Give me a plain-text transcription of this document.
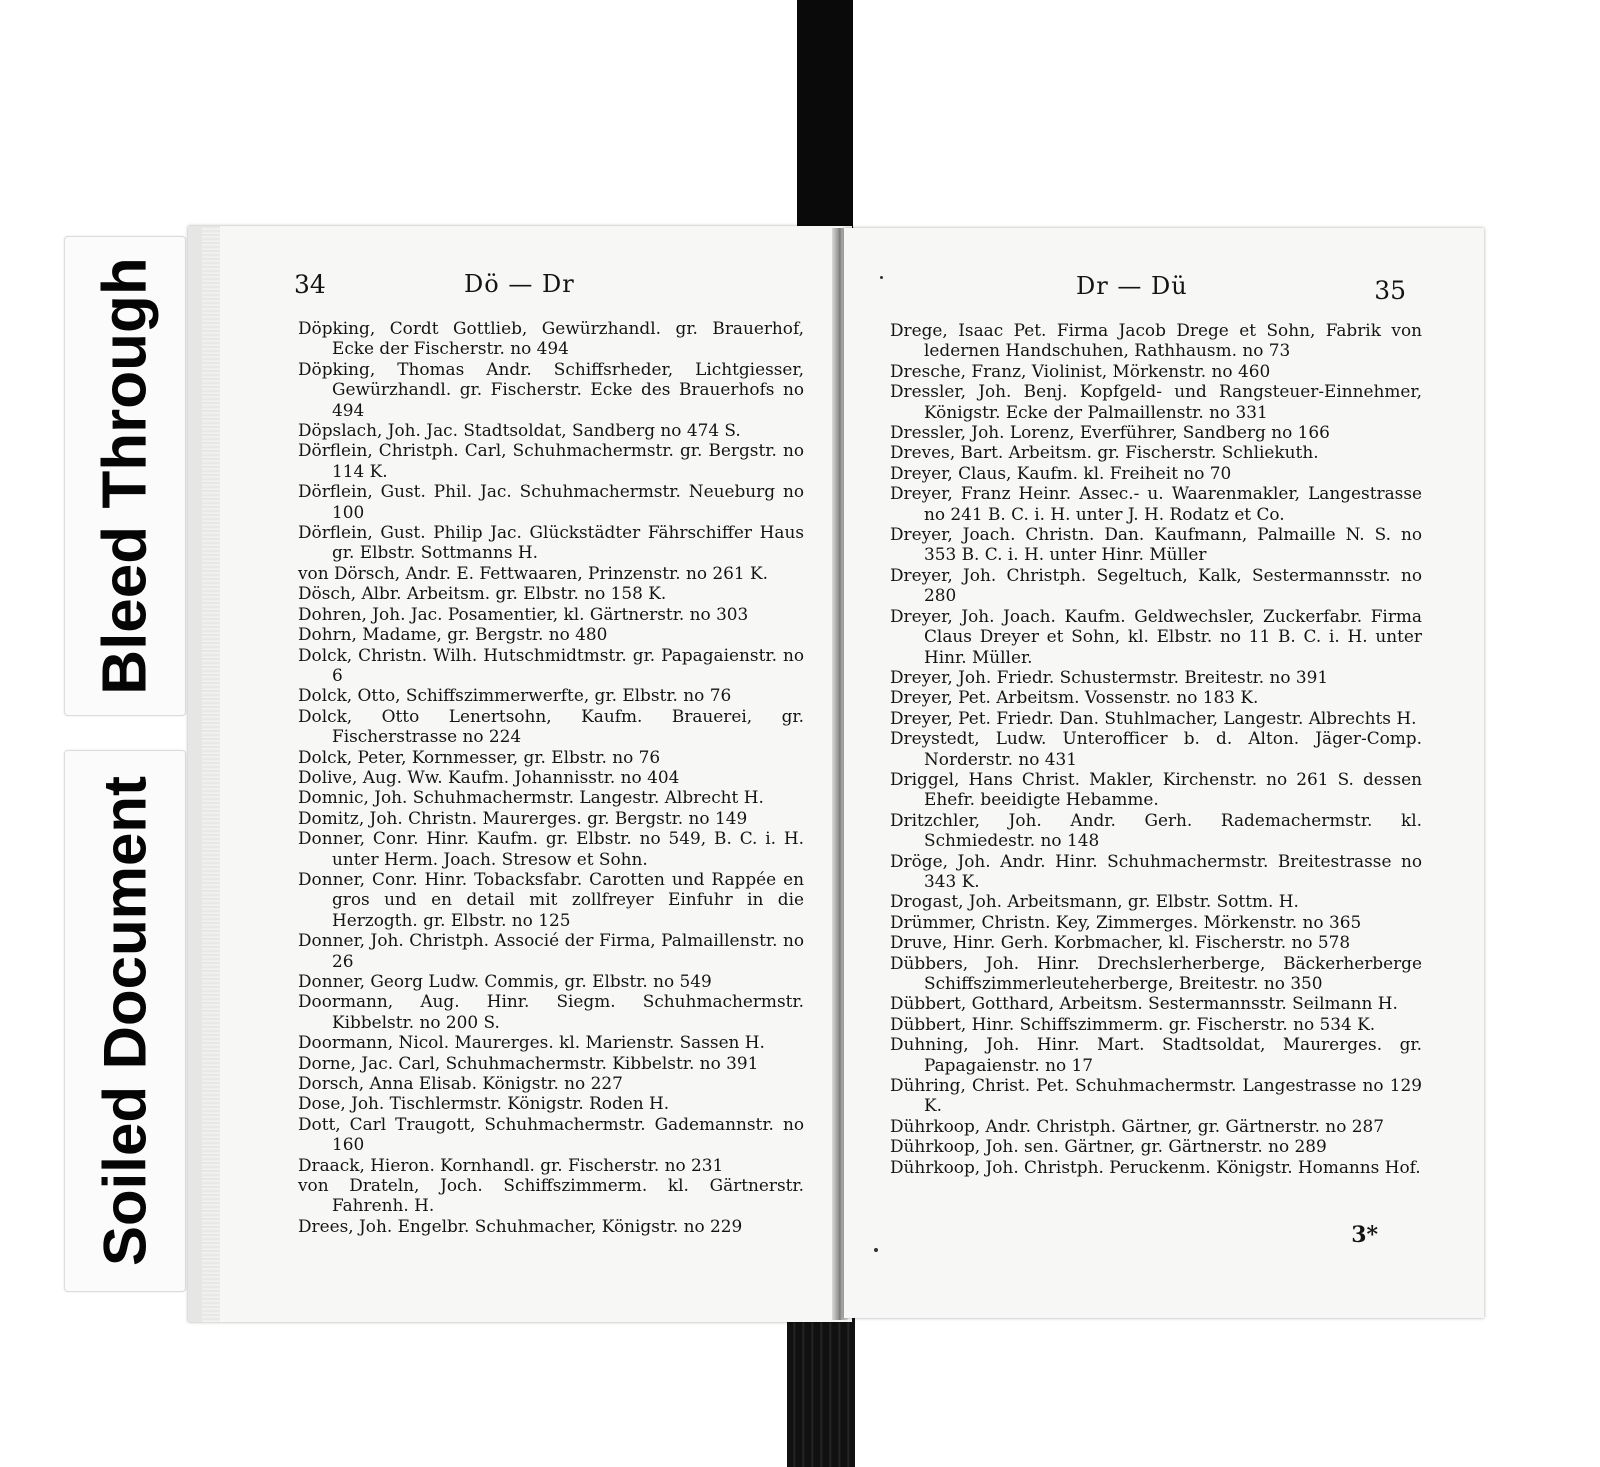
Bleed Through
Soiled Document
34	Dö — Dr

Döpking, Cordt Gottlieb, Gewürzhandl. gr. Brauerhof, Ecke der Fischerstr. no 494

Döpking, Thomas Andr. Schiffsrheder, Lichtgiesser, Gewürzhandl. gr. Fischerstr. Ecke des Brauerhofs no 494

Döpslach, Joh. Jac. Stadtsoldat, Sandberg no 474 S.

Dörflein, Christph. Carl, Schuhmachermstr. gr. Bergstr. no 114 K.

Dörflein, Gust. Phil. Jac. Schuhmachermstr. Neueburg no 100

Dörflein, Gust. Philip Jac. Glückstädter Fährschiffer Haus gr. Elbstr. Sottmanns H.

von Dörsch, Andr. E. Fettwaaren, Prinzenstr. no 261 K.

Dösch, Albr. Arbeitsm. gr. Elbstr. no 158 K.

Dohren, Joh. Jac. Posamentier, kl. Gärtnerstr. no 303

Dohrn, Madame, gr. Bergstr. no 480

Dolck, Christn. Wilh. Hutschmidtmstr. gr. Papagaienstr. no 6

Dolck, Otto, Schiffszimmerwerfte, gr. Elbstr. no 76

Dolck, Otto Lenertsohn, Kaufm. Brauerei, gr. Fischerstrasse no 224

Dolck, Peter, Kornmesser, gr. Elbstr. no 76

Dolive, Aug. Ww. Kaufm. Johannisstr. no 404

Domnic, Joh. Schuhmachermstr. Langestr. Albrecht H.

Domitz, Joh. Christn. Maurerges. gr. Bergstr. no 149

Donner, Conr. Hinr. Kaufm. gr. Elbstr. no 549, B. C. i. H. unter Herm. Joach. Stresow et Sohn.

Donner, Conr. Hinr. Tobacksfabr. Carotten und Rappée en gros und en detail mit zollfreyer Einfuhr in die Herzogth. gr. Elbstr. no 125

Donner, Joh. Christph. Associé der Firma, Palmaillenstr. no 26

Donner, Georg Ludw. Commis, gr. Elbstr. no 549

Doormann, Aug. Hinr. Siegm. Schuhmachermstr. Kibbelstr. no 200 S.

Doormann, Nicol. Maurerges. kl. Marienstr. Sassen H.

Dorne, Jac. Carl, Schuhmachermstr. Kibbelstr. no 391

Dorsch, Anna Elisab. Königstr. no 227

Dose, Joh. Tischlermstr. Königstr. Roden H.

Dott, Carl Traugott, Schuhmachermstr. Gademannstr. no 160

Draack, Hieron. Kornhandl. gr. Fischerstr. no 231

von Drateln, Joch. Schiffszimmerm. kl. Gärtnerstr. Fahrenh. H.

Drees, Joh. Engelbr. Schuhmacher, Königstr. no 229

Dr — Dü	35

Drege, Isaac Pet. Firma Jacob Drege et Sohn, Fabrik von ledernen Handschuhen, Rathhausm. no 73

Dresche, Franz, Violinist, Mörkenstr. no 460

Dressler, Joh. Benj. Kopfgeld- und Rangsteuer-Einnehmer, Königstr. Ecke der Palmaillenstr. no 331

Dressler, Joh. Lorenz, Everführer, Sandberg no 166

Dreves, Bart. Arbeitsm. gr. Fischerstr. Schliekuth.

Dreyer, Claus, Kaufm. kl. Freiheit no 70

Dreyer, Franz Heinr. Assec.- u. Waarenmakler, Langestrasse no 241 B. C. i. H. unter J. H. Rodatz et Co.

Dreyer, Joach. Christn. Dan. Kaufmann, Palmaille N. S. no 353 B. C. i. H. unter Hinr. Müller

Dreyer, Joh. Christph. Segeltuch, Kalk, Sestermannsstr. no 280

Dreyer, Joh. Joach. Kaufm. Geldwechsler, Zuckerfabr. Firma Claus Dreyer et Sohn, kl. Elbstr. no 11 B. C. i. H. unter Hinr. Müller.

Dreyer, Joh. Friedr. Schustermstr. Breitestr. no 391

Dreyer, Pet. Arbeitsm. Vossenstr. no 183 K.

Dreyer, Pet. Friedr. Dan. Stuhlmacher, Langestr. Albrechts H.

Dreystedt, Ludw. Unterofficer b. d. Alton. Jäger-Comp. Norderstr. no 431

Driggel, Hans Christ. Makler, Kirchenstr. no 261 S. dessen Ehefr. beeidigte Hebamme.

Dritzchler, Joh. Andr. Gerh. Rademachermstr. kl. Schmiedestr. no 148

Dröge, Joh. Andr. Hinr. Schuhmachermstr. Breitestrasse no 343 K.

Drogast, Joh. Arbeitsmann, gr. Elbstr. Sottm. H.

Drümmer, Christn. Key, Zimmerges. Mörkenstr. no 365

Druve, Hinr. Gerh. Korbmacher, kl. Fischerstr. no 578

Dübbers, Joh. Hinr. Drechslerherberge, Bäckerherberge Schiffszimmerleuteherberge, Breitestr. no 350

Dübbert, Gotthard, Arbeitsm. Sestermannsstr. Seilmann H.

Dübbert, Hinr. Schiffszimmerm. gr. Fischerstr. no 534 K.

Duhning, Joh. Hinr. Mart. Stadtsoldat, Maurerges. gr. Papagaienstr. no 17

Dühring, Christ. Pet. Schuhmachermstr. Langestrasse no 129 K.

Dührkoop, Andr. Christph. Gärtner, gr. Gärtnerstr. no 287

Dührkoop, Joh. sen. Gärtner, gr. Gärtnerstr. no 289

Dührkoop, Joh. Christph. Peruckenm. Königstr. Homanns Hof.

3*
